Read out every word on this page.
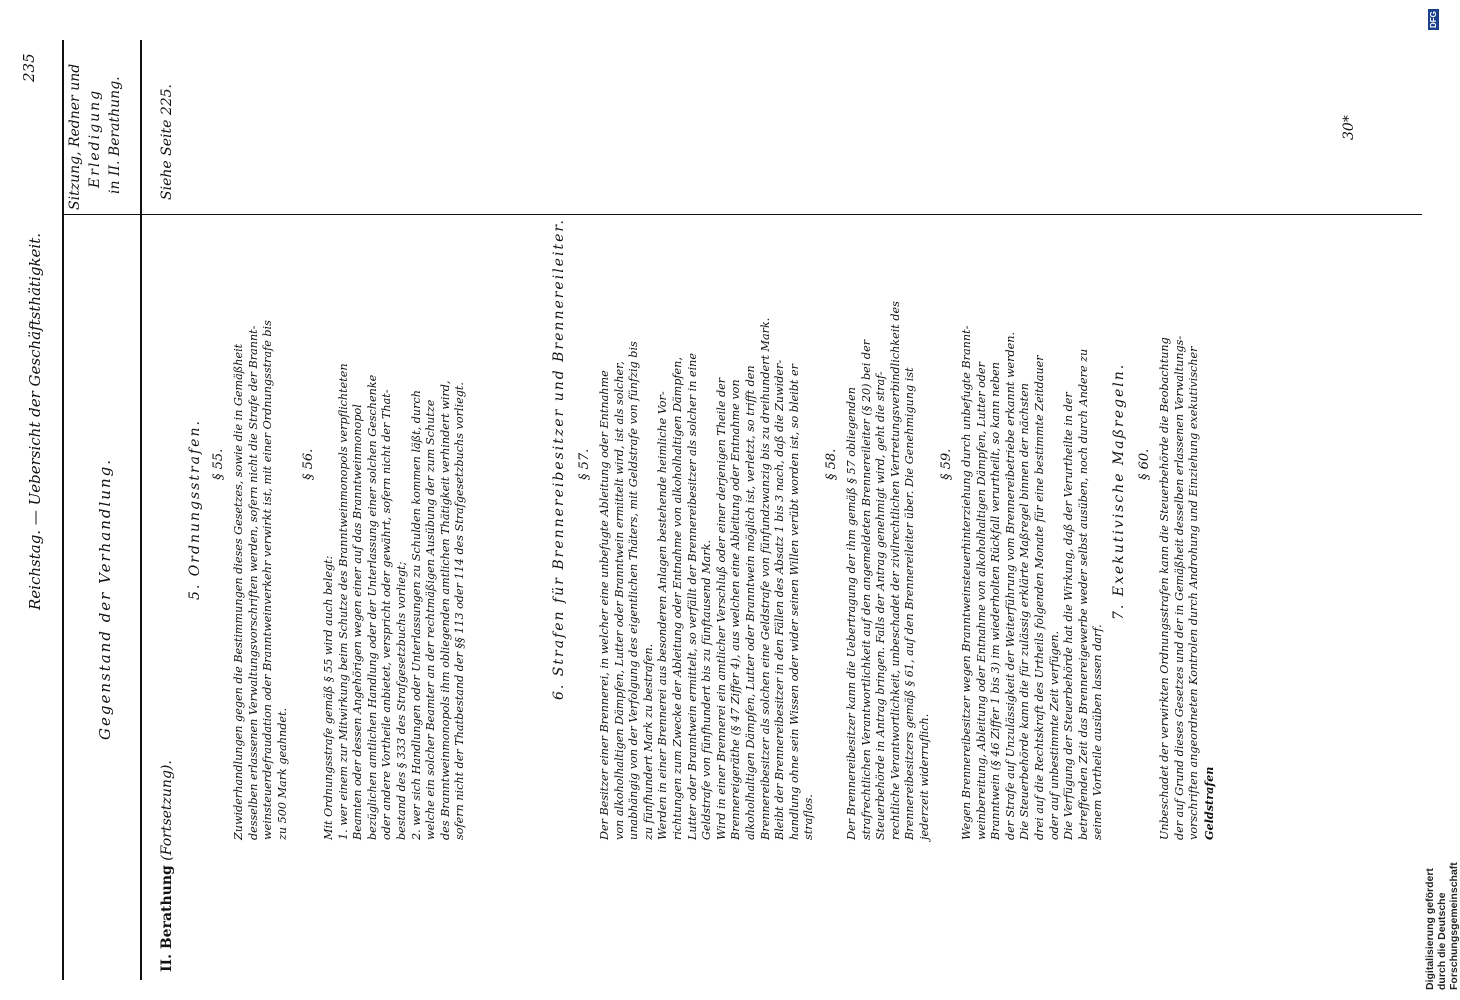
Reichstag. — Uebersicht der Geschäftsthätigkeit.
235
Gegenstand der Verhandlung.
Sitzung, Redner und Erledigung in II. Berathung.
II. Berathung (Fortsetzung).
Siehe Seite 225.
5. Ordnungsstrafen. § 55. Zuwiderhandlungen gegen die Bestimmungen dieses Gesetzes, sowie die in Gemäßheit desselben erlassenen Verwaltungsvorschriften werden, sofern nicht die Strafe der Brannt- weinsteuerdefraudation oder Branntweinverkehr verwirkt ist, mit einer Ordnungsstrafe bis zu 500 Mark geahndet.
§ 56.
Mit Ordnungsstrafe gemäß § 55 wird auch belegt: 1. wer einem zur Mitwirkung beim Schutze des Branntweinmonopols verpflichteten Beamten oder dessen Angehörigen wegen einer auf das Branntweinmonopol bezüglichen amtlichen Handlung oder der Unterlassung einer solchen Geschenke oder andere Vortheile anbietet, verspricht oder gewährt, sofern nicht der That- bestand des § 333 des Strafgesetzbuchs vorliegt; 2. wer sich Handlungen oder Unterlassungen zu Schulden kommen läßt, durch welche ein solcher Beamter an der rechtmäßigen Ausübung der zum Schutze des Branntweinmonopols ihm obliegenden amtlichen Thätigkeit verhindert wird, sofern nicht der Thatbestand der §§ 113 oder 114 des Strafgesetzbuchs vorliegt.	6. Strafen für Brennereibesitzer und Brennereileiter. § 57. Der Besitzer einer Brennerei, in welcher eine unbefugte Ableitung oder Entnahme von alkoholhaltigen Dämpfen, Lutter oder Branntwein ermittelt wird, ist als solcher, unabhängig von der Verfolgung des eigentlichen Thäters, mit Geldstrafe von fünfzig bis zu fünfhundert Mark zu bestrafen. Werden in einer Brennerei aus besonderen Anlagen bestehende heimliche Vor- richtungen zum Zwecke der Ableitung oder Entnahme von alkoholhaltigen Dämpfen, Lutter oder Branntwein ermittelt, so verfällt der Brennereibesitzer als solcher in eine Geldstrafe von fünfhundert bis zu fünftausend Mark. Wird in einer Brennerei ein amtlicher Verschluß oder einer derjenigen Theile der Brennereigeräthe (§ 47 Ziffer 4), aus welchen eine Ableitung oder Entnahme von alkoholhaltigen Dämpfen, Lutter oder Branntwein möglich ist, verletzt, so trifft den Brennereibesitzer als solchen eine Geldstrafe von fünfundzwanzig bis zu dreihundert Mark. Bleibt der Brennereibesitzer in den Fällen des Absatz 1 bis 3 nach, daß die Zuwider- handlung ohne sein Wissen oder wider seinen Willen verübt worden ist, so bleibt er straflos.
§ 58. Der Brennereibesitzer kann die Uebertragung der ihm gemäß § 57 obliegenden strafrechtlichen Verantwortlichkeit auf den angemeldeten Brennereileiter (§ 20) bei der Steuerbehörde in Antrag bringen. Falls der Antrag genehmigt wird, geht die straf- rechtliche Verantwortlichkeit, unbeschadet der zivilrechtlichen Vertretungsverbindlichkeit des Brennereibesitzers gemäß § 61, auf den Brennereileiter über. Die Genehmigung ist jederzeit widerruflich.
§ 59. Wegen Brennereibesitzer wegen Branntweinsteuerhinterziehung durch unbefugte Brannt- weinbereitung, Ableitung oder Entnahme von alkoholhaltigen Dämpfen, Lutter oder Branntwein (§ 46 Ziffer 1 bis 3) im wiederholten Rückfall verurtheilt, so kann neben der Strafe auf Unzulässigkeit der Weiterführung vom Brennereibetriebe erkannt werden. Die Steuerbehörde kann die für zulässig erklärte Maßregel binnen der nächsten drei auf die Rechtskraft des Urtheils folgenden Monate für eine bestimmte Zeitdauer oder auf unbestimmte Zeit verfügen. Die Verfügung der Steuerbehörde hat die Wirkung, daß der Verurtheilte in der betreffenden Zeit das Brennereigewerbe weder selbst ausüben, noch durch Andere zu seinem Vortheile ausüben lassen darf.
7. Exekutivische Maßregeln. § 60. Unbeschadet der verwirkten Ordnungsstrafen kann die Steuerbehörde die Beobachtung der auf Grund dieses Gesetzes und der in Gemäßheit desselben erlassenen Verwaltungs- vorschriften angeordneten Kontrolen durch Androhung und Einziehung exekutivischer Geldstrafen
30*
DFG
Digitalisierung gefördert durch die Deutsche Forschungsgemeinschaft
